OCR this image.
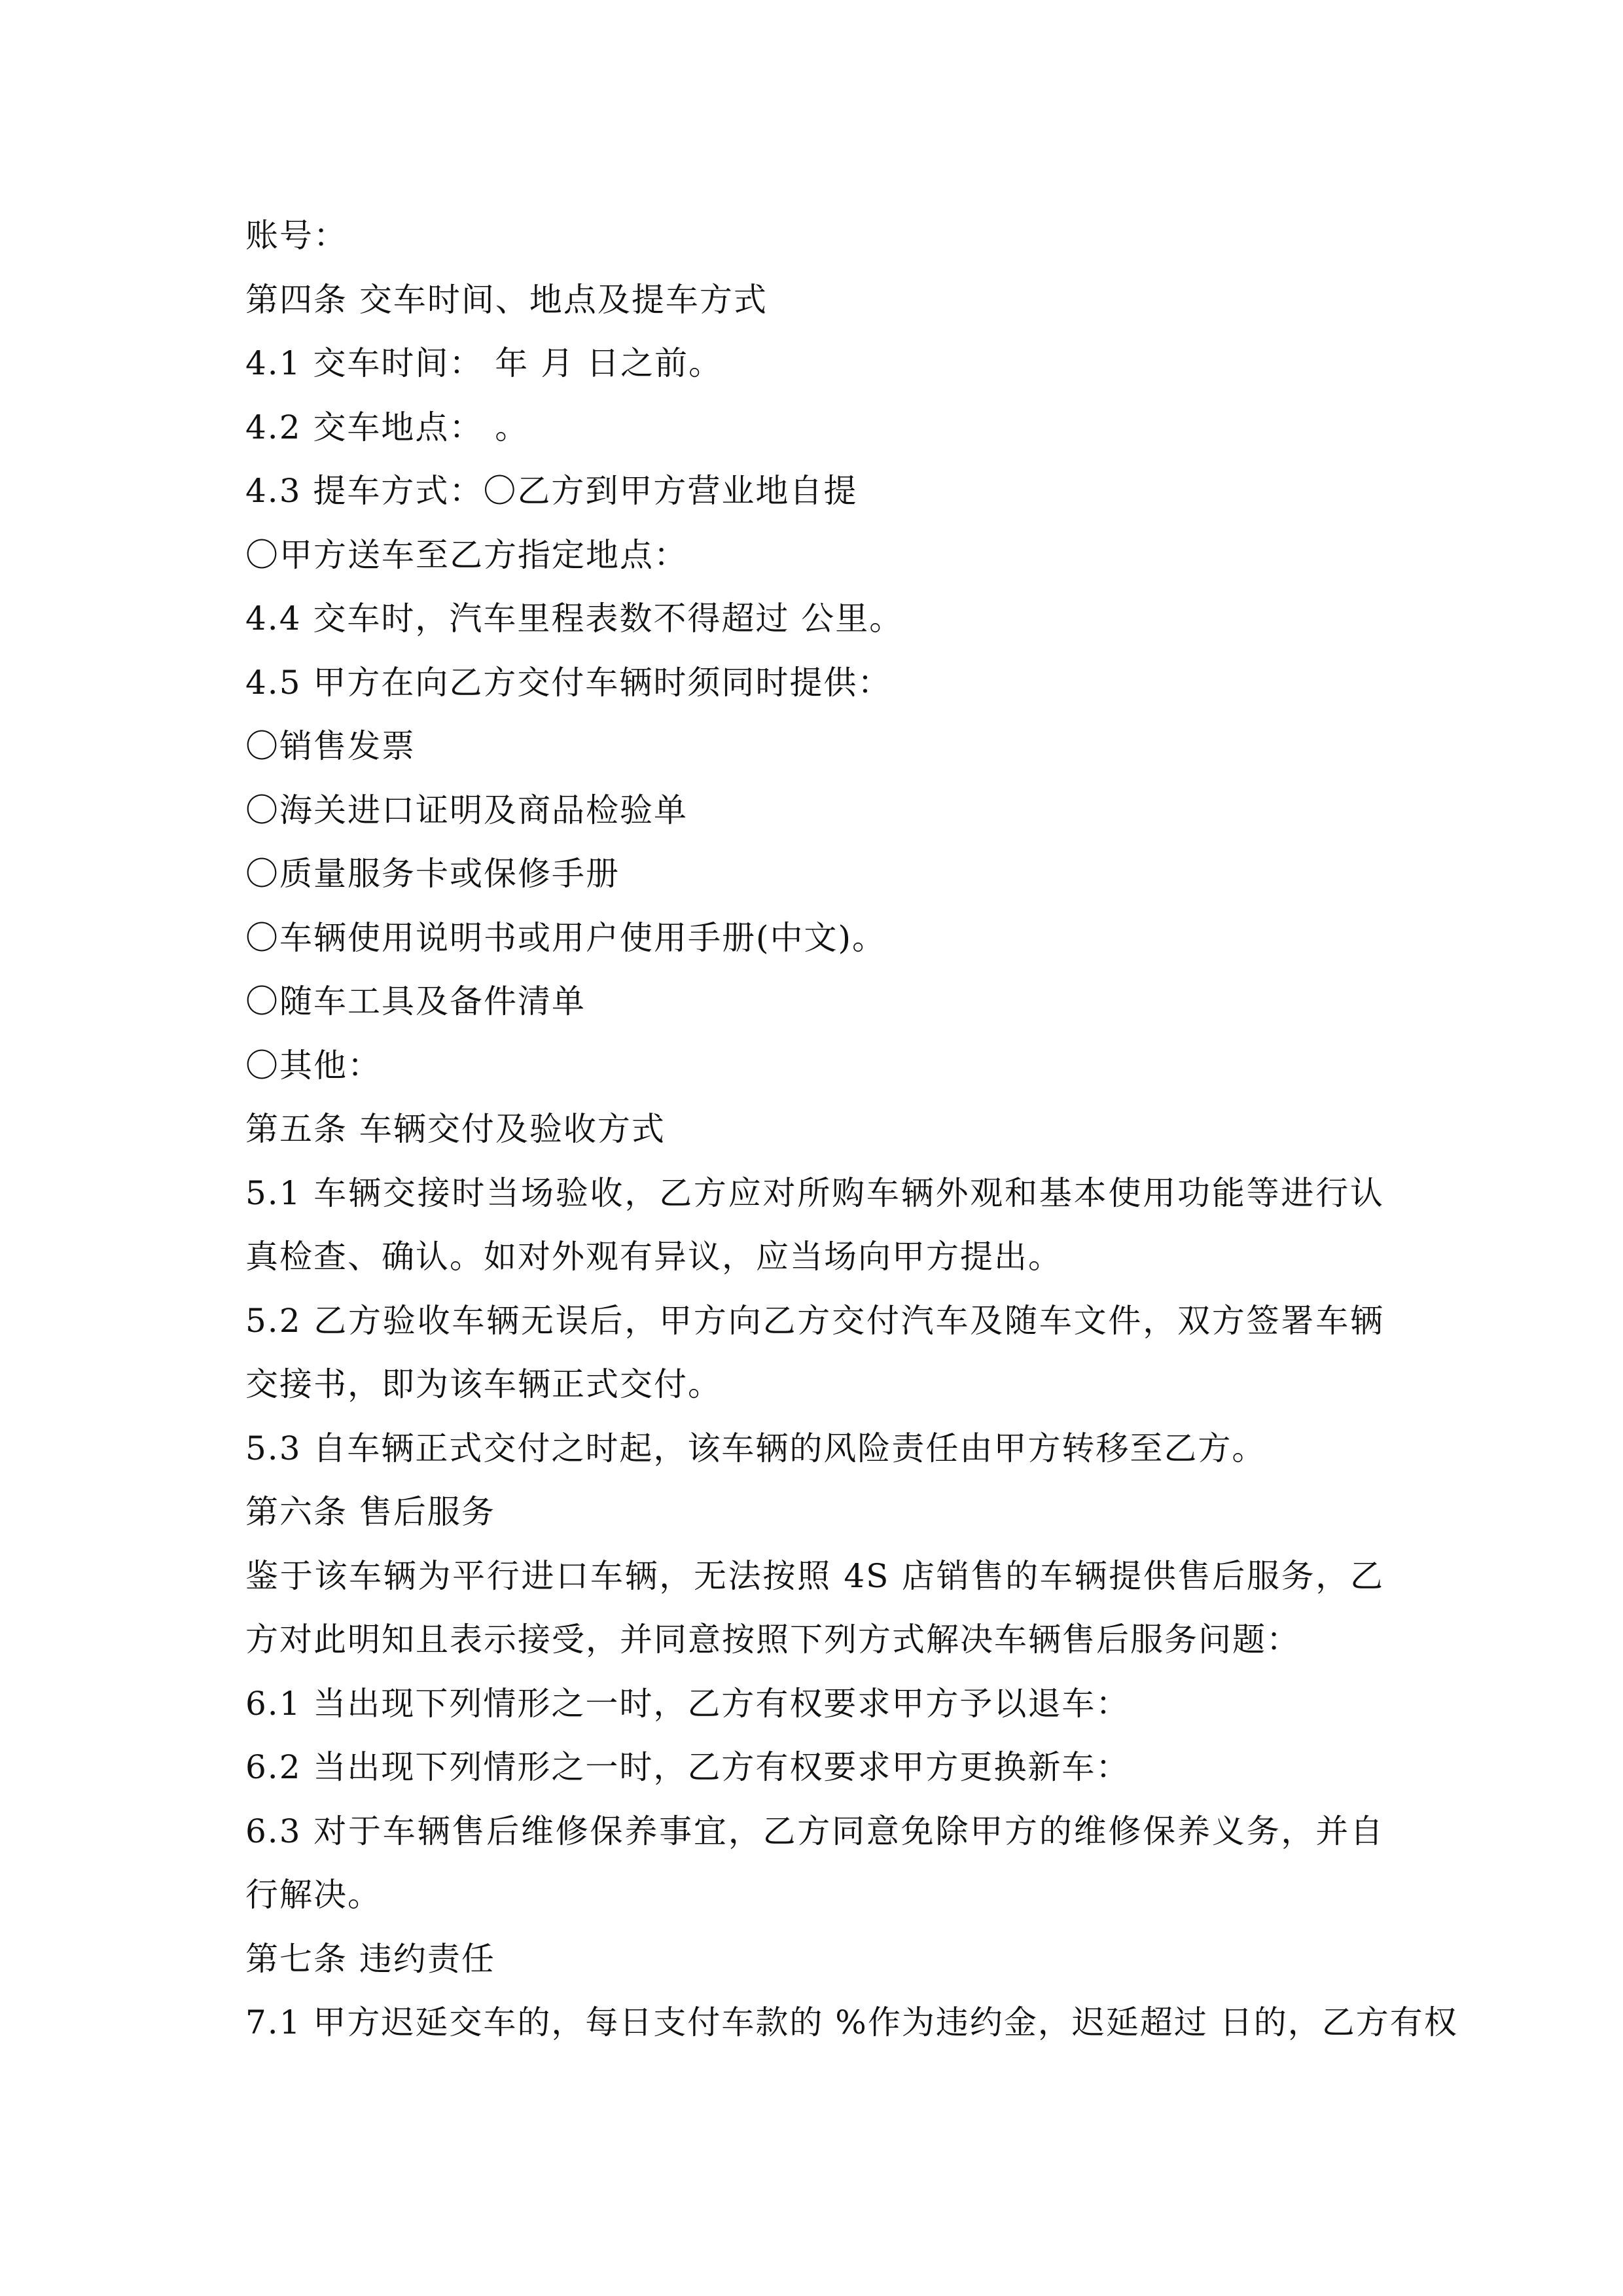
账号：
第四条 交车时间、地点及提车方式
4.1 交车时间： 年 月 日之前。
4.2 交车地点： 。
4.3 提车方式：〇乙方到甲方营业地自提
〇甲方送车至乙方指定地点：
4.4 交车时，汽车里程表数不得超过 公里。
4.5 甲方在向乙方交付车辆时须同时提供：
〇销售发票
〇海关进口证明及商品检验单
〇质量服务卡或保修手册
〇车辆使用说明书或用户使用手册(中文)。
〇随车工具及备件清单
〇其他：
第五条 车辆交付及验收方式
5.1 车辆交接时当场验收，乙方应对所购车辆外观和基本使用功能等进行认真检查、确认。如对外观有异议，应当场向甲方提出。
5.2 乙方验收车辆无误后，甲方向乙方交付汽车及随车文件，双方签署车辆交接书，即为该车辆正式交付。
5.3 自车辆正式交付之时起，该车辆的风险责任由甲方转移至乙方。
第六条 售后服务
鉴于该车辆为平行进口车辆，无法按照 4S 店销售的车辆提供售后服务，乙方对此明知且表示接受，并同意按照下列方式解决车辆售后服务问题：
6.1 当出现下列情形之一时，乙方有权要求甲方予以退车：
6.2 当出现下列情形之一时，乙方有权要求甲方更换新车：
6.3 对于车辆售后维修保养事宜，乙方同意免除甲方的维修保养义务，并自行解决。
第七条 违约责任
7.1 甲方迟延交车的，每日支付车款的 %作为违约金，迟延超过 日的，乙方有权
